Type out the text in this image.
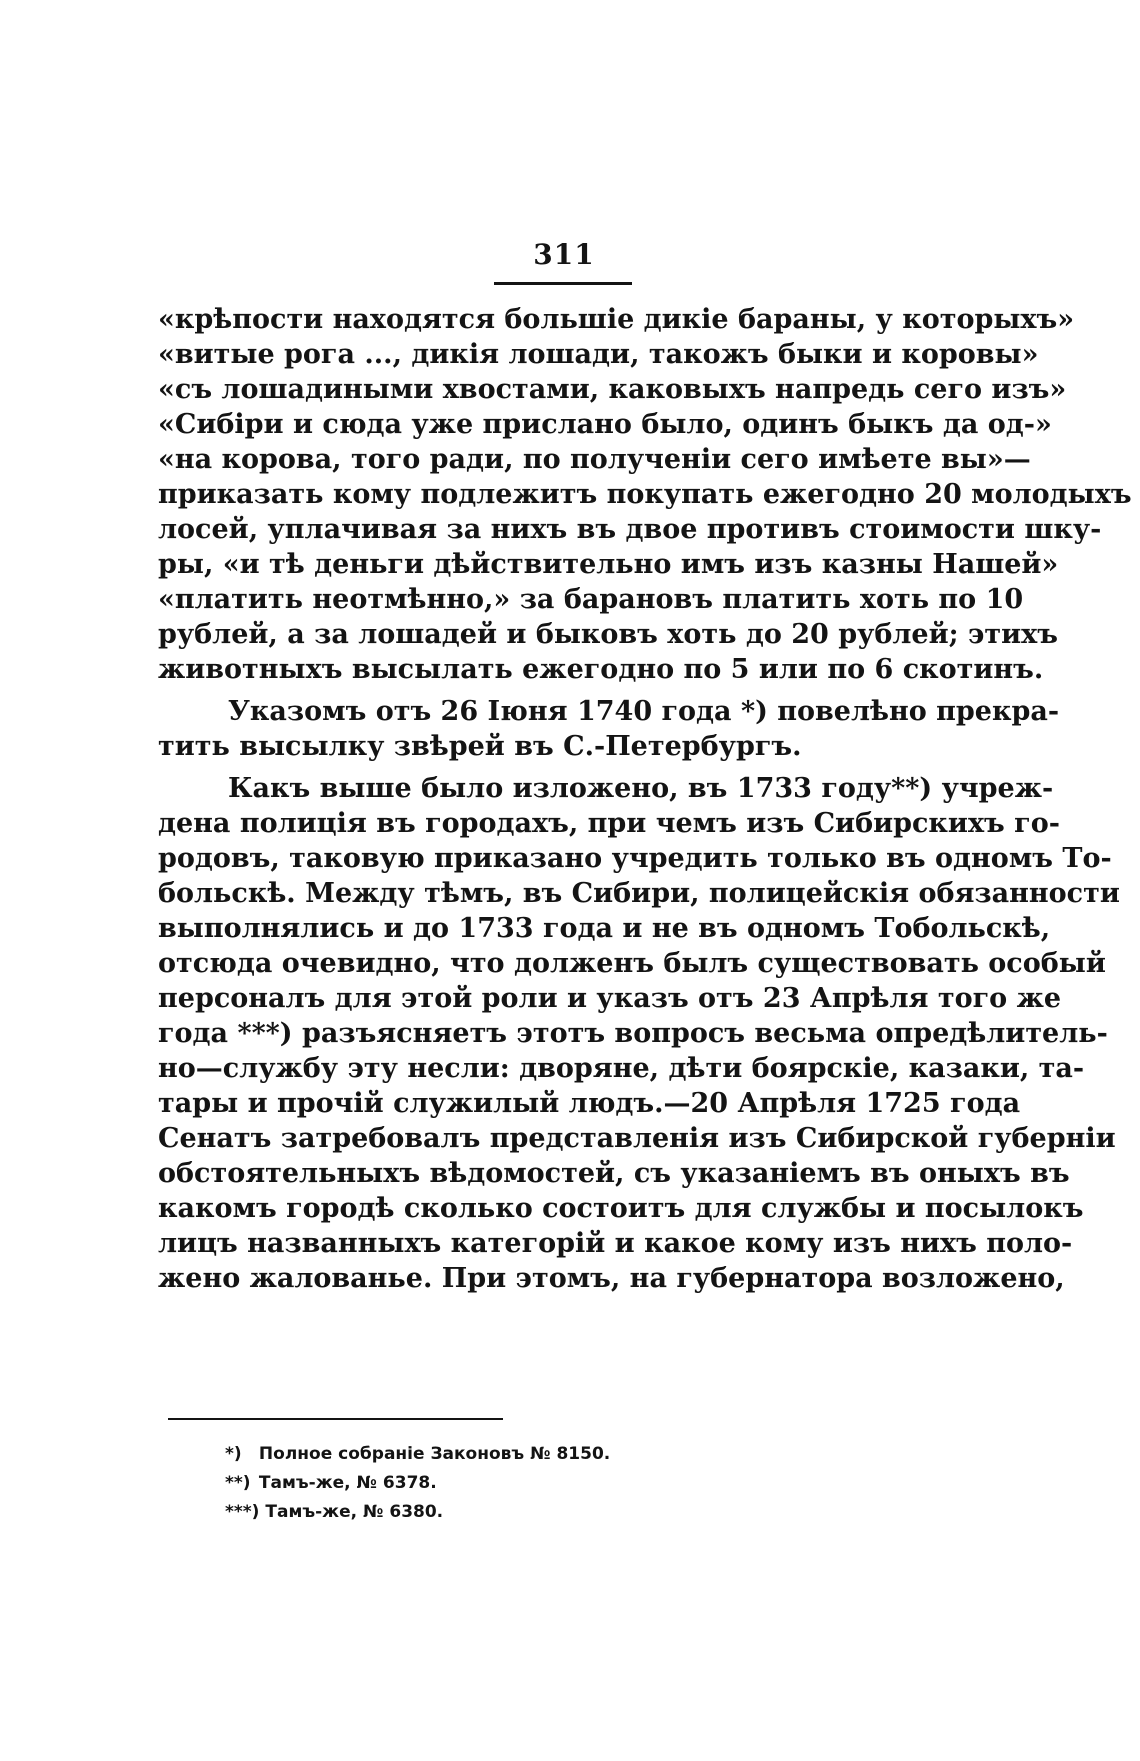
311
«крѣпости находятся большіе дикіе бараны, у которыхъ»
«витые рога ..., дикія лошади, такожъ быки и коровы»
«съ лошадиными хвостами, каковыхъ напредь сего изъ»
«Сибіри и сюда уже прислано было, одинъ быкъ да од-»
«на корова, того ради, по полученіи сего имѣете вы»—
приказать кому подлежитъ покупать ежегодно 20 молодыхъ
лосей, уплачивая за нихъ въ двое противъ стоимости шку-
ры, «и тѣ деньги дѣйствительно имъ изъ казны Нашей»
«платить неотмѣнно,» за барановъ платить хоть по 10
рублей, а за лошадей и быковъ хоть до 20 рублей; этихъ
животныхъ высылать ежегодно по 5 или по 6 скотинъ.
Указомъ отъ 26 Іюня 1740 года *) повелѣно прекра-
тить высылку звѣрей въ С.-Петербургъ.
Какъ выше было изложено, въ 1733 году**) учреж-
дена полиція въ городахъ, при чемъ изъ Сибирскихъ го-
родовъ, таковую приказано учредить только въ одномъ То-
больскѣ. Между тѣмъ, въ Сибири, полицейскія обязанности
выполнялись и до 1733 года и не въ одномъ Тобольскѣ,
отсюда очевидно, что долженъ былъ существовать особый
персоналъ для этой роли и указъ отъ 23 Апрѣля того же
года ***) разъясняетъ этотъ вопросъ весьма опредѣлитель-
но—службу эту несли: дворяне, дѣти боярскіе, казаки, та-
тары и прочій служилый людъ.—20 Апрѣля 1725 года
Сенатъ затребовалъ представленія изъ Сибирской губерніи
обстоятельныхъ вѣдомостей, съ указаніемъ въ оныхъ въ
какомъ городѣ сколько состоитъ для службы и посылокъ
лицъ названныхъ категорій и какое кому изъ нихъ поло-
жено жалованье. При этомъ, на губернатора возложено,
*) Полное собраніе Законовъ № 8150.
**) Тамъ-же, № 6378.
***) Тамъ-же, № 6380.
